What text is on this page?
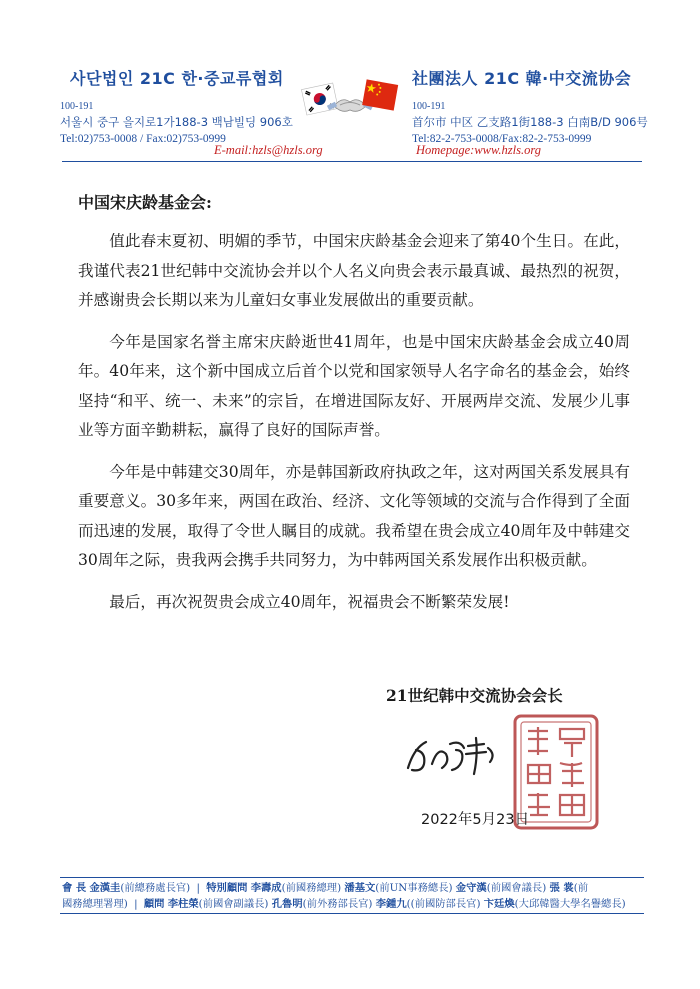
사단법인 21C 한·중교류협회
100-191
서울시 중구 을지로1가188-3 백남빌딩 906호
Tel:02)753-0008 / Fax:02)753-0999
社團法人 21C 韓·中交流协会
100-191
首尔市 中区 乙支路1街188-3 白南B/D 906号
Tel:82-2-753-0008/Fax:82-2-753-0999
E-mail:hzls@hzls.org	Homepage:www.hzls.org
中国宋庆龄基金会:

值此春末夏初、明媚的季节，中国宋庆龄基金会迎来了第40个生日。在此，我谨代表21世纪韩中交流协会并以个人名义向贵会表示最真诚、最热烈的祝贺，并感谢贵会长期以来为儿童妇女事业发展做出的重要贡献。

今年是国家名誉主席宋庆龄逝世41周年，也是中国宋庆龄基金会成立40周年。40年来，这个新中国成立后首个以党和国家领导人名字命名的基金会，始终坚持“和平、统一、未来”的宗旨，在增进国际友好、开展两岸交流、发展少儿事业等方面辛勤耕耘，赢得了良好的国际声誉。

今年是中韩建交30周年，亦是韩国新政府执政之年，这对两国关系发展具有重要意义。30多年来，两国在政治、经济、文化等领域的交流与合作得到了全面而迅速的发展，取得了令世人瞩目的成就。我希望在贵会成立40周年及中韩建交30周年之际，贵我两会携手共同努力，为中韩两国关系发展作出积极贡献。

最后，再次祝贺贵会成立40周年，祝福贵会不断繁荣发展!

21世纪韩中交流协会会长
2022年5月23日
會 長 金漢圭(前總務處長官) | 特別顧問 李壽成(前國務總理) 潘基文(前UN事務總長) 金守漢(前國會議長) 張 裳(前
國務總理署理) | 顧問 李柱榮(前國會副議長) 孔魯明(前外務部長官) 李鍾九((前國防部長官) 卞廷煥(大邱韓醫大學名譽總長)
